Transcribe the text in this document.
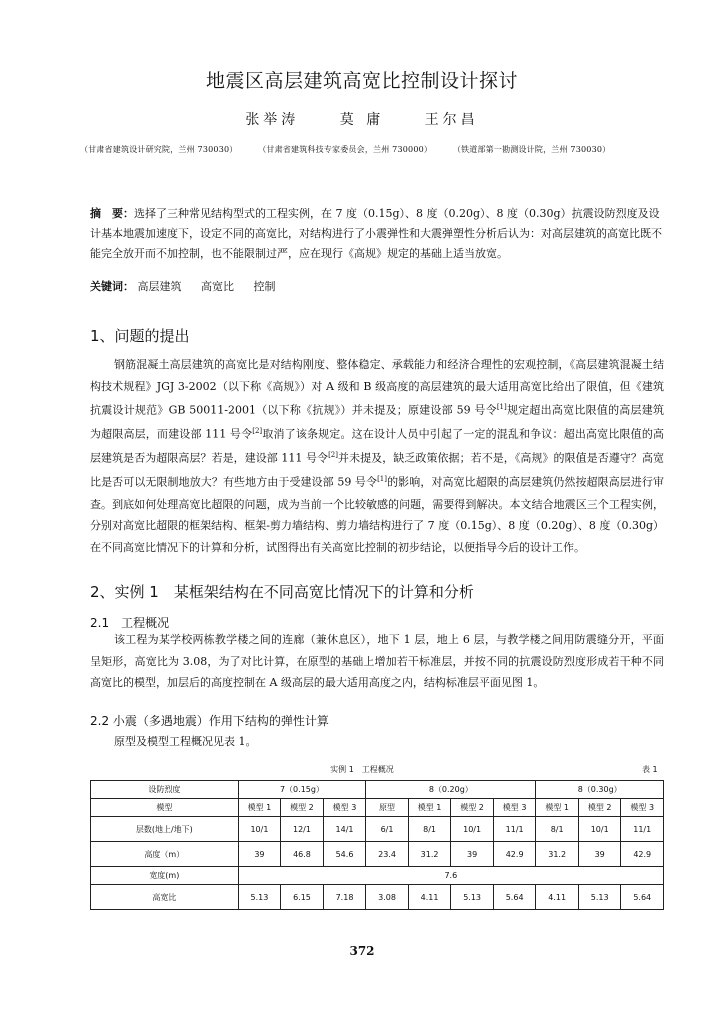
地震区高层建筑高宽比控制设计探讨
张举涛	莫 庸	王尔昌
（甘肃省建筑设计研究院，兰州 730030）	（甘肃省建筑科技专家委员会，兰州 730000）	（铁道部第一勘测设计院，兰州 730030）
摘　要：选择了三种常见结构型式的工程实例，在 7 度（0.15g）、8 度（0.20g）、8 度（0.30g）抗震设防烈度及设计基本地震加速度下，设定不同的高宽比，对结构进行了小震弹性和大震弹塑性分析后认为：对高层建筑的高宽比既不能完全放开而不加控制，也不能限制过严，应在现行《高规》规定的基础上适当放宽。
关键词： 高层建筑 高宽比 控制
1、问题的提出
钢筋混凝土高层建筑的高宽比是对结构刚度、整体稳定、承载能力和经济合理性的宏观控制，《高层建筑混凝土结构技术规程》JGJ 3-2002（以下称《高规》）对 A 级和 B 级高度的高层建筑的最大适用高宽比给出了限值，但《建筑抗震设计规范》GB 50011-2001（以下称《抗规》）并未提及；原建设部 59 号令[1]规定超出高宽比限值的高层建筑为超限高层，而建设部 111 号令[2]取消了该条规定。这在设计人员中引起了一定的混乱和争议：超出高宽比限值的高层建筑是否为超限高层？若是，建设部 111 号令[2]并未提及，缺乏政策依据；若不是，《高规》的限值是否遵守？高宽比是否可以无限制地放大？有些地方由于受建设部 59 号令[1]的影响，对高宽比超限的高层建筑仍然按超限高层进行审查。到底如何处理高宽比超限的问题，成为当前一个比较敏感的问题，需要得到解决。本文结合地震区三个工程实例，分别对高宽比超限的框架结构、框架-剪力墙结构、剪力墙结构进行了 7 度（0.15g）、8 度（0.20g）、8 度（0.30g）在不同高宽比情况下的计算和分析，试图得出有关高宽比控制的初步结论，以便指导今后的设计工作。
2、实例 1　某框架结构在不同高宽比情况下的计算和分析
2.1　工程概况
该工程为某学校两栋教学楼之间的连廊（兼休息区），地下 1 层，地上 6 层，与教学楼之间用防震缝分开，平面呈矩形，高宽比为 3.08，为了对比计算，在原型的基础上增加若干标准层，并按不同的抗震设防烈度形成若干种不同高宽比的模型，加层后的高度控制在 A 级高层的最大适用高度之内，结构标准层平面见图 1。
2.2 小震（多遇地震）作用下结构的弹性计算
原型及模型工程概况见表 1。
实例 1　工程概况	表 1
设防烈度	7（0.15g）			8（0.20g）				8（0.30g）		
模型	模型 1	模型 2	模型 3	原型	模型 1	模型 2	模型 3	模型 1	模型 2	模型 3
层数(地上/地下)	10/1	12/1	14/1	6/1	8/1	10/1	11/1	8/1	10/1	11/1
高度（m）	39	46.8	54.6	23.4	31.2	39	42.9	31.2	39	42.9
宽度(m)	7.6									
高宽比	5.13	6.15	7.18	3.08	4.11	5.13	5.64	4.11	5.13	5.64
372
